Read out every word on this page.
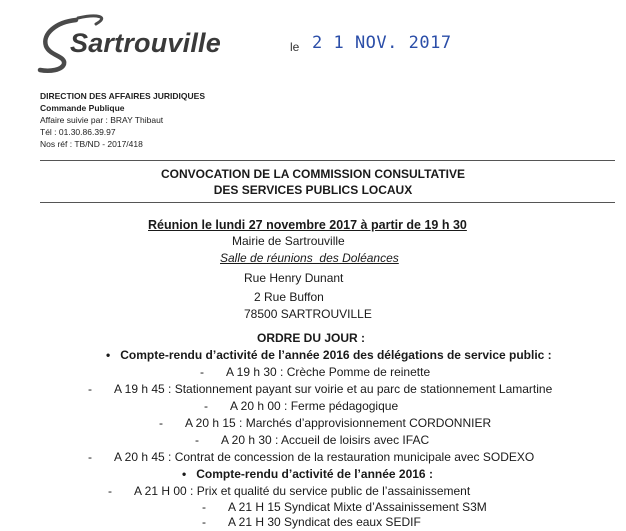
Sartrouville	le 2 1 NOV. 2017
DIRECTION DES AFFAIRES JURIDIQUES
Commande Publique
Affaire suivie par : BRAY Thibaut
Tél : 01.30.86.39.97
Nos réf : TB/ND - 2017/418
CONVOCATION DE LA COMMISSION CONSULTATIVE
DES SERVICES PUBLICS LOCAUX
Réunion le lundi 27 novembre 2017 à partir de 19 h 30
Mairie de Sartrouville
Salle de réunions  des Doléances
Rue Henry Dunant
2 Rue Buffon
78500 SARTROUVILLE
ORDRE DU JOUR :
• Compte-rendu d’activité de l’année 2016 des délégations de service public :
- A 19 h 30 : Crèche Pomme de reinette
- A 19 h 45 : Stationnement payant sur voirie et au parc de stationnement Lamartine
- A 20 h 00 : Ferme pédagogique
- A 20 h 15 : Marchés d’approvisionnement CORDONNIER
- A 20 h 30 : Accueil de loisirs avec IFAC
- A 20 h 45 : Contrat de concession de la restauration municipale avec SODEXO
• Compte-rendu d’activité de l’année 2016 :
- A 21 H 00 : Prix et qualité du service public de l’assainissement
- A 21 H 15 Syndicat Mixte d’Assainissement S3M
- A 21 H 30 Syndicat des eaux SEDIF
